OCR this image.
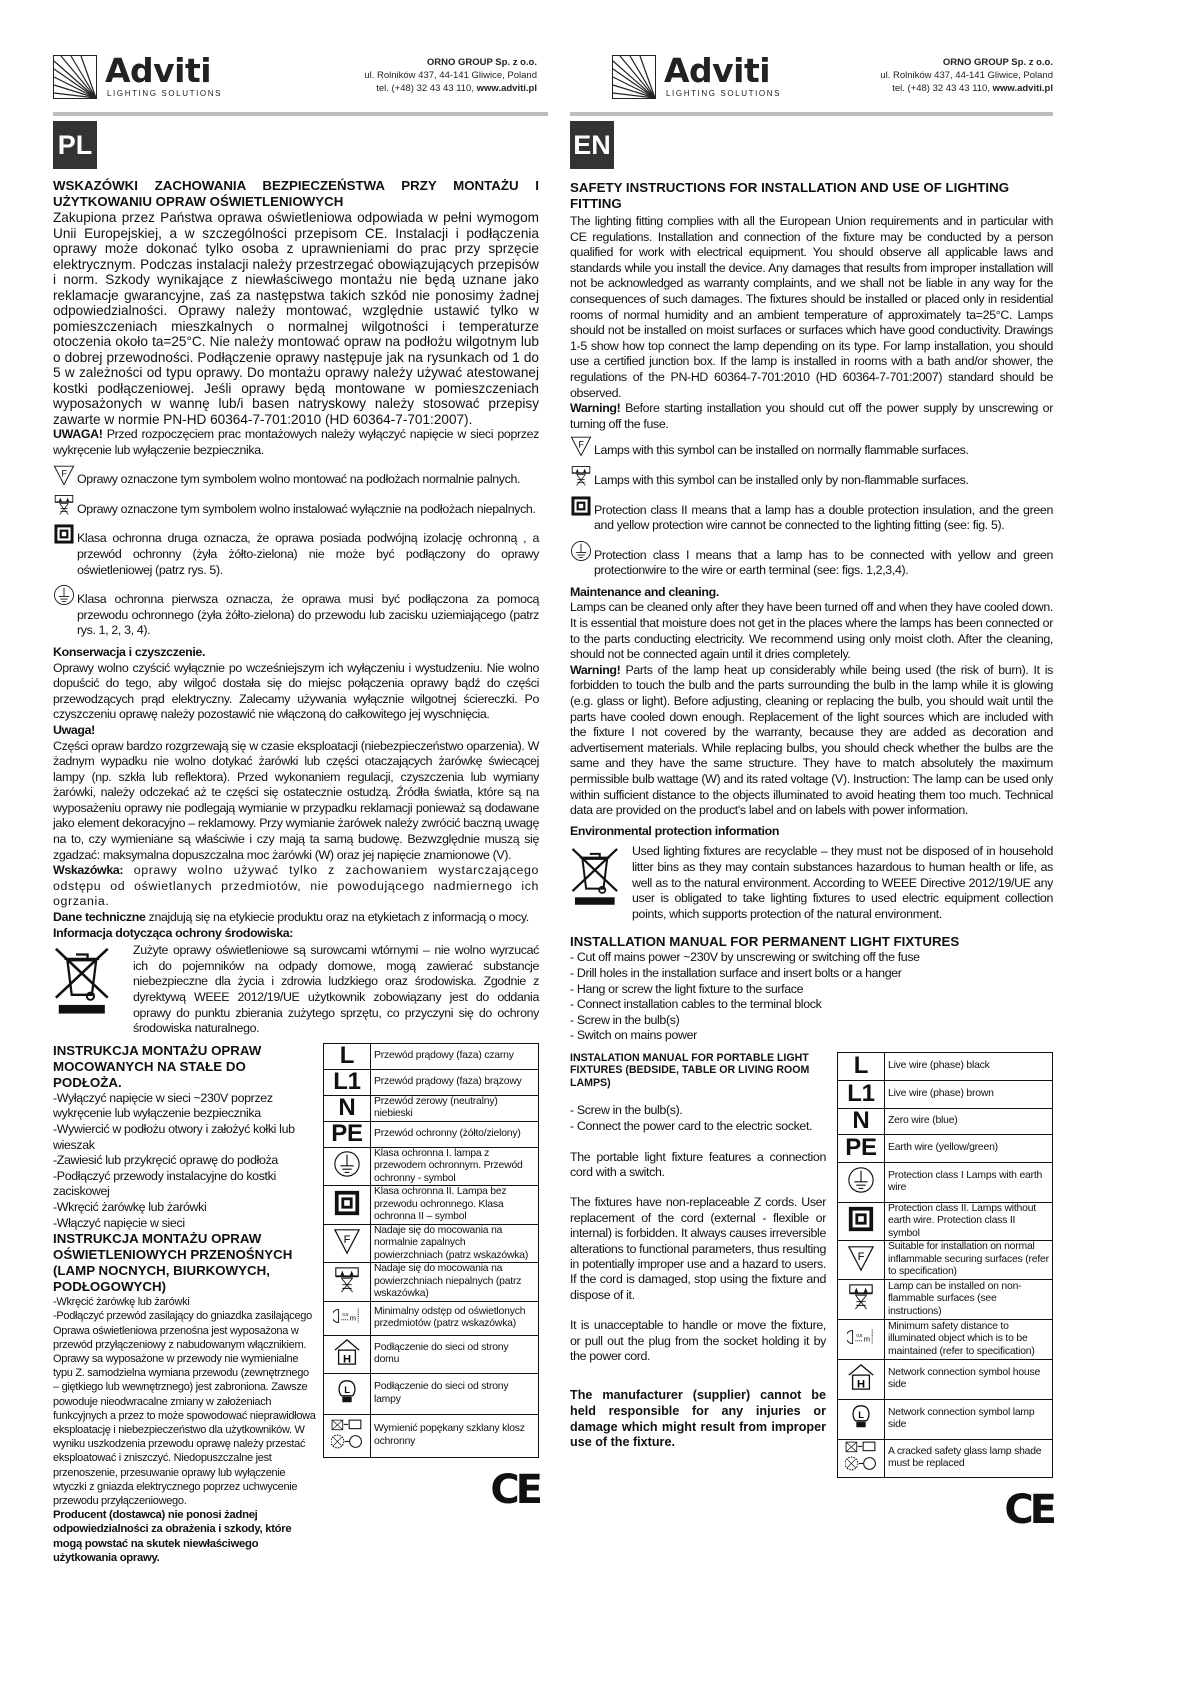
Adviti
LIGHTING SOLUTIONS
ORNO GROUP Sp. z o.o.
ul. Rolników 437, 44-141 Gliwice, Poland
tel. (+48) 32 43 43 110, www.adviti.pl
PL
Adviti
LIGHTING SOLUTIONS
ORNO GROUP Sp. z o.o.
ul. Rolników 437, 44-141 Gliwice, Poland
tel. (+48) 32 43 43 110, www.adviti.pl
EN
WSKAZÓWKI ZACHOWANIA BEZPIECZEŃSTWA PRZY MONTAŻU I UŻYTKOWANIU OPRAW OŚWIETLENIOWYCH

Zakupiona przez Państwa oprawa oświetleniowa odpowiada w pełni wymogom Unii Europejskiej, a w szczególności przepisom CE. Instalacji i podłączenia oprawy może dokonać tylko osoba z uprawnieniami do prac przy sprzęcie elektrycznym. Podczas instalacji należy przestrzegać obowiązujących przepisów i norm. Szkody wynikające z niewłaściwego montażu nie będą uznane jako reklamacje gwarancyjne, zaś za następstwa takich szkód nie ponosimy żadnej odpowiedzialności. Oprawy należy montować, względnie ustawić tylko w pomieszczeniach mieszkalnych o normalnej wilgotności i temperaturze otoczenia około ta=25°C. Nie należy montować opraw na podłożu wilgotnym lub o dobrej przewodności. Podłączenie oprawy następuje jak na rysunkach od 1 do 5 w zależności od typu oprawy. Do montażu oprawy należy używać atestowanej kostki podłączeniowej. Jeśli oprawy będą montowane w pomieszczeniach wyposażonych w wannę lub/i basen natryskowy należy stosować przepisy zawarte w normie PN-HD 60364-7-701:2010 (HD 60364-7-701:2007).

UWAGA! Przed rozpoczęciem prac montażowych należy wyłączyć napięcie w sieci poprzez wykręcenie lub wyłączenie bezpiecznika.

F Oprawy oznaczone tym symbolem wolno montować na podłożach normalnie palnych.
Oprawy oznaczone tym symbolem wolno instalować wyłącznie na podłożach niepalnych.
Klasa ochronna druga oznacza, że oprawa posiada podwójną izolację ochronną , a przewód ochronny (żyła żółto-zielona) nie może być podłączony do oprawy oświetleniowej (patrz rys. 5).
Klasa ochronna pierwsza oznacza, że oprawa musi być podłączona za pomocą przewodu ochronnego (żyła żółto-zielona) do przewodu lub zacisku uziemiającego (patrz rys. 1, 2, 3, 4).
Konserwacja i czyszczenie.

Oprawy wolno czyścić wyłącznie po wcześniejszym ich wyłączeniu i wystudzeniu. Nie wolno dopuścić do tego, aby wilgoć dostała się do miejsc połączenia oprawy bądź do części przewodzących prąd elektryczny. Zalecamy używania wyłącznie wilgotnej ściereczki. Po czyszczeniu oprawę należy pozostawić nie włączoną do całkowitego jej wyschnięcia.

Uwaga!

Części opraw bardzo rozgrzewają się w czasie eksploatacji (niebezpieczeństwo oparzenia). W żadnym wypadku nie wolno dotykać żarówki lub części otaczających żarówkę świecącej lampy (np. szkła lub reflektora). Przed wykonaniem regulacji, czyszczenia lub wymiany żarówki, należy odczekać aż te części się ostatecznie ostudzą. Źródła światła, które są na wyposażeniu oprawy nie podlegają wymianie w przypadku reklamacji ponieważ są dodawane jako element dekoracyjno – reklamowy. Przy wymianie żarówek należy zwrócić baczną uwagę na to, czy wymieniane są właściwie i czy mają ta samą budowę. Bezwzględnie muszą się zgadzać: maksymalna dopuszczalna moc żarówki (W) oraz jej napięcie znamionowe (V).

Wskazówka: oprawy wolno używać tylko z zachowaniem wystarczającego odstępu od oświetlanych przedmiotów, nie powodującego nadmiernego ich ogrzania.

Dane techniczne znajdują się na etykiecie produktu oraz na etykietach z informacją o mocy.

Informacja dotycząca ochrony środowiska:

Zużyte oprawy oświetleniowe są surowcami wtórnymi – nie wolno wyrzucać ich do pojemników na odpady domowe, mogą zawierać substancje niebezpieczne dla życia i zdrowia ludzkiego oraz środowiska. Zgodnie z dyrektywą WEEE 2012/19/UE użytkownik zobowiązany jest do oddania oprawy do punktu zbierania zużytego sprzętu, co przyczyni się do ochrony środowiska naturalnego.

INSTRUKCJA MONTAŻU OPRAW MOCOWANYCH NA STAŁE DO PODŁOŻA.
-Wyłączyć napięcie w sieci ~230V poprzez wykręcenie lub wyłączenie bezpiecznika
-Wywiercić w podłożu otwory i założyć kołki lub wieszak
-Zawiesić lub przykręcić oprawę do podłoża
-Podłączyć przewody instalacyjne do kostki zaciskowej
-Wkręcić żarówkę lub żarówki
-Włączyć napięcie w sieci
INSTRUKCJA MONTAŻU OPRAW OŚWIETLENIOWYCH PRZENOŚNYCH (LAMP NOCNYCH, BIURKOWYCH, PODŁOGOWYCH)
-Wkręcić żarówkę lub żarówki
-Podłączyć przewód zasilający do gniazdka zasilającego
Oprawa oświetleniowa przenośna jest wyposażona w przewód przyłączeniowy z nabudowanym włącznikiem.
Oprawy sa wyposażone w przewody nie wymienialne typu Z. samodzielna wymiana przewodu (zewnętrznego – giętkiego lub wewnętrznego) jest zabroniona. Zawsze powoduje nieodwracalne zmiany w założeniach funkcyjnych a przez to może spowodować nieprawidłowa eksploatację i niebezpieczeństwo dla użytkowników. W wyniku uszkodzenia przewodu oprawę należy przestać eksploatować i zniszczyć. Niedopuszczalne jest przenoszenie, przesuwanie oprawy lub wyłączenie wtyczki z gniazda elektrycznego poprzez uchwycenie przewodu przyłączeniowego.
Producent (dostawca) nie ponosi żadnej odpowiedzialności za obrażenia i szkody, które mogą powstać na skutek niewłaściwego użytkowania oprawy.
L	Przewód prądowy (faza) czarny
L1	Przewód prądowy (faza) brązowy
N	Przewód zerowy (neutralny) niebieski
PE	Przewód ochronny (żółto/zielony)
	Klasa ochronna I. lampa z przewodem ochronnym. Przewód ochronny - symbol
	Klasa ochronna II. Lampa bez przewodu ochronnego. Klasa ochronna II – symbol

F	Nadaje się do mocowania na normalnie zapalnych powierzchniach (patrz wskazówka)
	Nadaje się do mocowania na powierzchniach niepalnych (patrz wskazówka)

0,5 m	Minimalny odstęp od oświetlonych przedmiotów (patrz wskazówka)

H	Podłączenie do sieci od strony domu

L	Podłączenie do sieci od strony lampy
	Wymienić popękany szklany klosz ochronny
CE
SAFETY INSTRUCTIONS FOR INSTALLATION AND USE OF LIGHTING FITTING

The lighting fitting complies with all the European Union requirements and in particular with CE regulations. Installation and connection of the fixture may be conducted by a person qualified for work with electrical equipment. You should observe all applicable laws and standards while you install the device. Any damages that results from improper installation will not be acknowledged as warranty complaints, and we shall not be liable in any way for the consequences of such damages. The fixtures should be installed or placed only in residential rooms of normal humidity and an ambient temperature of approximately ta=25°C. Lamps should not be installed on moist surfaces or surfaces which have good conductivity. Drawings 1-5 show how top connect the lamp depending on its type. For lamp installation, you should use a certified junction box. If the lamp is installed in rooms with a bath and/or shower, the regulations of the PN-HD 60364-7-701:2010 (HD 60364-7-701:2007) standard should be observed.

Warning! Before starting installation you should cut off the power supply by unscrewing or turning off the fuse.

F Lamps with this symbol can be installed on normally flammable surfaces.
Lamps with this symbol can be installed only by non-flammable surfaces.
Protection class II means that a lamp has a double protection insulation, and the green and yellow protection wire cannot be connected to the lighting fitting (see: fig. 5).
Protection class I means that a lamp has to be connected with yellow and green protectionwire to the wire or earth terminal (see: figs. 1,2,3,4).
Maintenance and cleaning.

Lamps can be cleaned only after they have been turned off and when they have cooled down. It is essential that moisture does not get in the places where the lamps has been connected or to the parts conducting electricity. We recommend using only moist cloth. After the cleaning, should not be connected again until it dries completely.

Warning! Parts of the lamp heat up considerably while being used (the risk of burn). It is forbidden to touch the bulb and the parts surrounding the bulb in the lamp while it is glowing (e.g. glass or light). Before adjusting, cleaning or replacing the bulb, you should wait until the parts have cooled down enough. Replacement of the light sources which are included with the fixture I not covered by the warranty, because they are added as decoration and advertisement materials. While replacing bulbs, you should check whether the bulbs are the same and they have the same structure. They have to match absolutely the maximum permissible bulb wattage (W) and its rated voltage (V). Instruction: The lamp can be used only within sufficient distance to the objects illuminated to avoid heating them too much. Technical data are provided on the product's label and on labels with power information.

Environmental protection information

Used lighting fixtures are recyclable – they must not be disposed of in household litter bins as they may contain substances hazardous to human health or life, as well as to the natural environment. According to WEEE Directive 2012/19/UE any user is obligated to take lighting fixtures to used electric equipment collection points, which supports protection of the natural environment.

INSTALLATION MANUAL FOR PERMANENT LIGHT FIXTURES
- Cut off mains power ~230V by unscrewing or switching off the fuse
- Drill holes in the installation surface and insert bolts or a hanger
- Hang or screw the light fixture to the surface
- Connect installation cables to the terminal block
- Screw in the bulb(s)
- Switch on mains power
INSTALATION MANUAL FOR PORTABLE LIGHT FIXTURES (BEDSIDE, TABLE OR LIVING ROOM LAMPS)
- Screw in the bulb(s).
- Connect the power card to the electric socket.
The portable light fixture features a connection cord with a switch.
The fixtures have non-replaceable Z cords. User replacement of the cord (external - flexible or internal) is forbidden. It always causes irreversible alterations to functional parameters, thus resulting in potentially improper use and a hazard to users. If the cord is damaged, stop using the fixture and dispose of it.
It is unacceptable to handle or move the fixture, or pull out the plug from the socket holding it by the power cord.

The manufacturer (supplier) cannot be held responsible for any injuries or damage which might result from improper use of the fixture.

L	Live wire (phase) black
L1	Live wire (phase) brown
N	Zero wire (blue)
PE	Earth wire (yellow/green)
	Protection class I Lamps with earth wire
	Protection class II. Lamps without earth wire. Protection class II symbol

F	Suitable for installation on normal inflammable securing surfaces (refer to specification)
	Lamp can be installed on non-flammable surfaces (see instructions)

0,5 m	Minimum safety distance to illuminated object which is to be maintained (refer to specification)

H	Network connection symbol house side

L	Network connection symbol lamp side
	A cracked safety glass lamp shade must be replaced
CE
